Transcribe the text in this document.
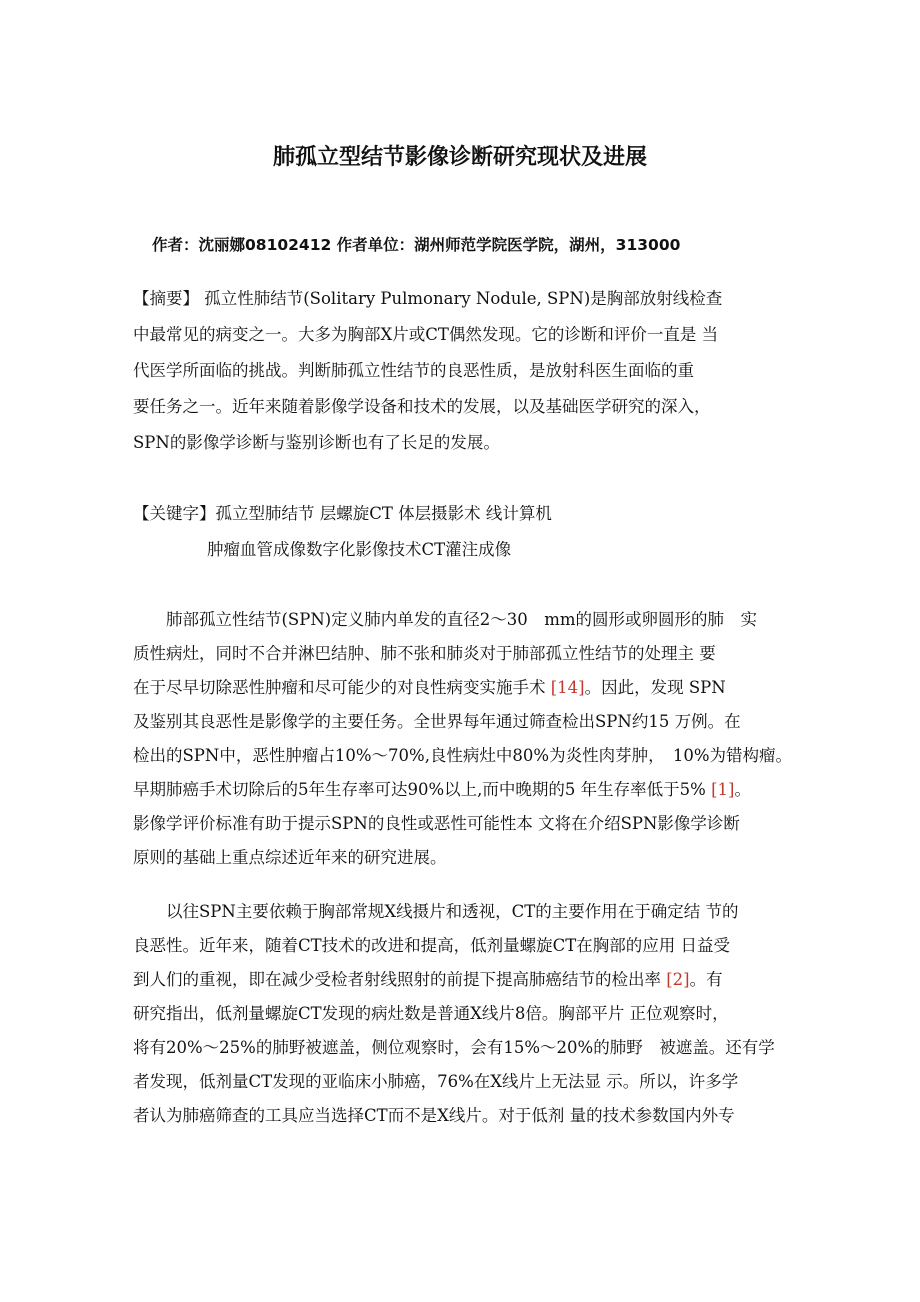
肺孤立型结节影像诊断研究现状及进展
作者：沈丽娜08102412 作者单位：湖州师范学院医学院，湖州，313000
【摘要】 孤立性肺结节(Solitary Pulmonary Nodule, SPN)是胸部放射线检查
中最常见的病变之一。大多为胸部X片或CT偶然发现。它的诊断和评价一直是 当
代医学所面临的挑战。判断肺孤立性结节的良恶性质，是放射科医生面临的重
要任务之一。近年来随着影像学设备和技术的发展，以及基础医学研究的深入，
SPN的影像学诊断与鉴别诊断也有了长足的发展。
【关键字】孤立型肺结节 层螺旋CT 体层摄影术 线计算机
肿瘤血管成像数字化影像技术CT灌注成像
　　肺部孤立性结节(SPN)定义肺内单发的直径2～30　mm的圆形或卵圆形的肺　实
质性病灶，同时不合并淋巴结肿、肺不张和肺炎对于肺部孤立性结节的处理主 要
在于尽早切除恶性肿瘤和尽可能少的对良性病变实施手术 [14]。因此，发现 SPN
及鉴别其良恶性是影像学的主要任务。全世界每年通过筛查检出SPN约15 万例。在
检出的SPN中，恶性肿瘤占10%～70%,良性病灶中80%为炎性肉芽肿，　10%为错构瘤。
早期肺癌手术切除后的5年生存率可达90%以上,而中晚期的5 年生存率低于5% [1]。
影像学评价标准有助于提示SPN的良性或恶性可能性本 文将在介绍SPN影像学诊断
原则的基础上重点综述近年来的研究进展。
　　以往SPN主要依赖于胸部常规X线摄片和透视，CT的主要作用在于确定结 节的
良恶性。近年来，随着CT技术的改进和提高，低剂量螺旋CT在胸部的应用 日益受
到人们的重视，即在减少受检者射线照射的前提下提高肺癌结节的检出率 [2]。有
研究指出，低剂量螺旋CT发现的病灶数是普通X线片8倍。胸部平片 正位观察时，
将有20%～25%的肺野被遮盖，侧位观察时，会有15%～20%的肺野　被遮盖。还有学
者发现，低剂量CT发现的亚临床小肺癌，76%在X线片上无法显 示。所以，许多学
者认为肺癌筛查的工具应当选择CT而不是X线片。对于低剂 量的技术参数国内外专
